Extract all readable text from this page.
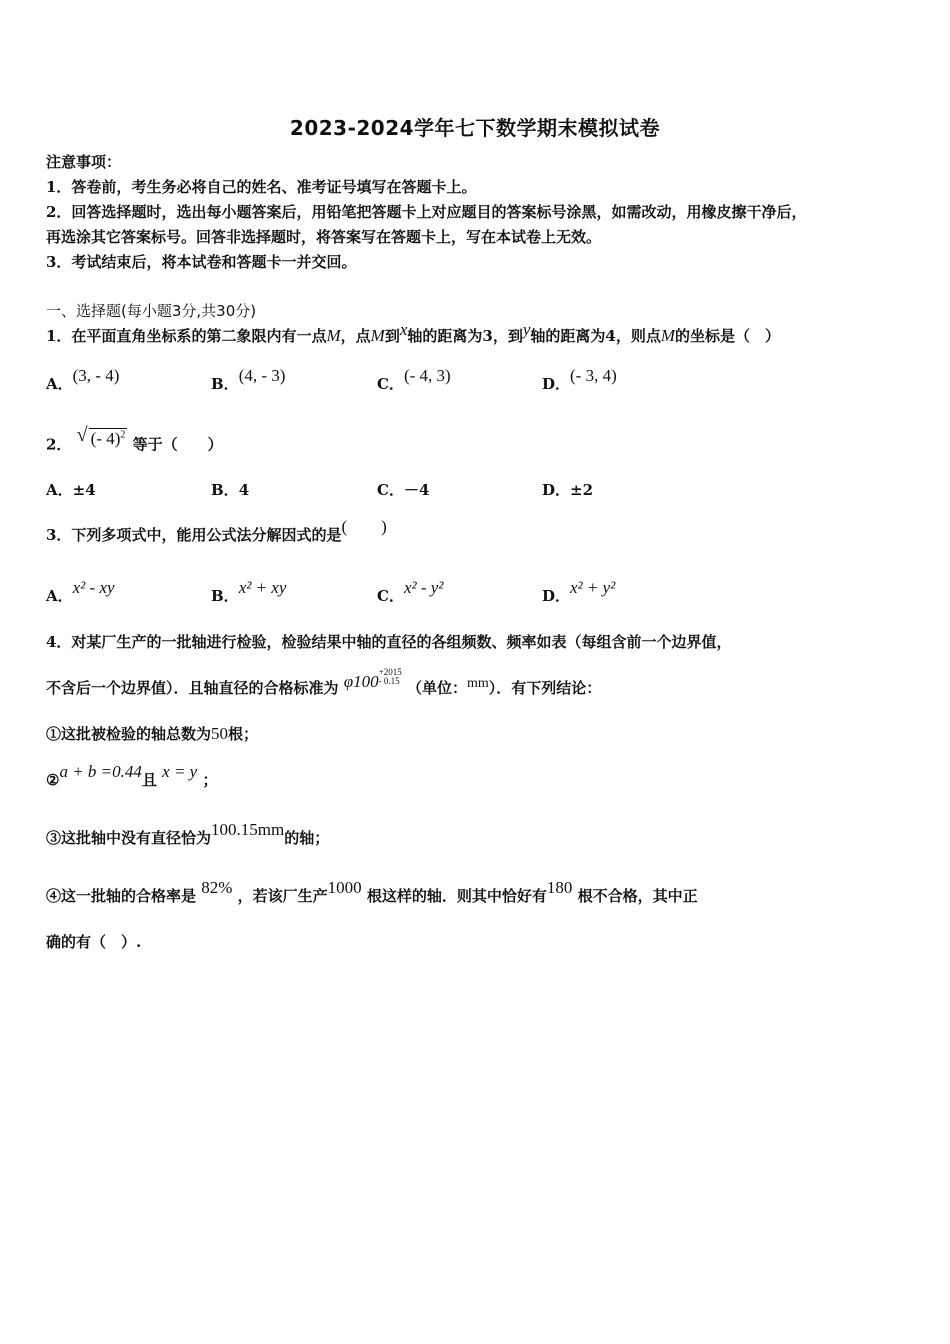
2023-2024学年七下数学期末模拟试卷
注意事项：
1．答卷前，考生务必将自己的姓名、准考证号填写在答题卡上。
2．回答选择题时，选出每小题答案后，用铅笔把答题卡上对应题目的答案标号涂黑，如需改动，用橡皮擦干净后，
再选涂其它答案标号。回答非选择题时，将答案写在答题卡上，写在本试卷上无效。
3．考试结束后，将本试卷和答题卡一并交回。
一、选择题(每小题3分,共30分)
1．在平面直角坐标系的第二象限内有一点M，点M到x轴的距离为3，到y轴的距离为4，则点M的坐标是（　）
A．(3, - 4)	B．(4, - 3)	C．(- 4, 3)	D．(- 3, 4)
2． √ (- 4)$^2$ 等于（　　）
A．±4	B．4	C．－4	D．±2
3．下列多项式中，能用公式法分解因式的是(　　)
A．x² - xy	B．x² + xy	C．x² - y²	D．x² + y²
4．对某厂生产的一批轴进行检验，检验结果中轴的直径的各组频数、频率如表（每组含前一个边界值，
不含后一个边界值）．且轴直径的合格标准为 φ100+2015
- 0.15 （单位：mm）．有下列结论：
①这批被检验的轴总数为50根；
②a + b =0.44且 x = y ；
③这批轴中没有直径恰为100.15mm的轴；
④这一批轴的合格率是 82% ，若该厂生产1000 根这样的轴．则其中恰好有180 根不合格，其中正
确的有（　）.
